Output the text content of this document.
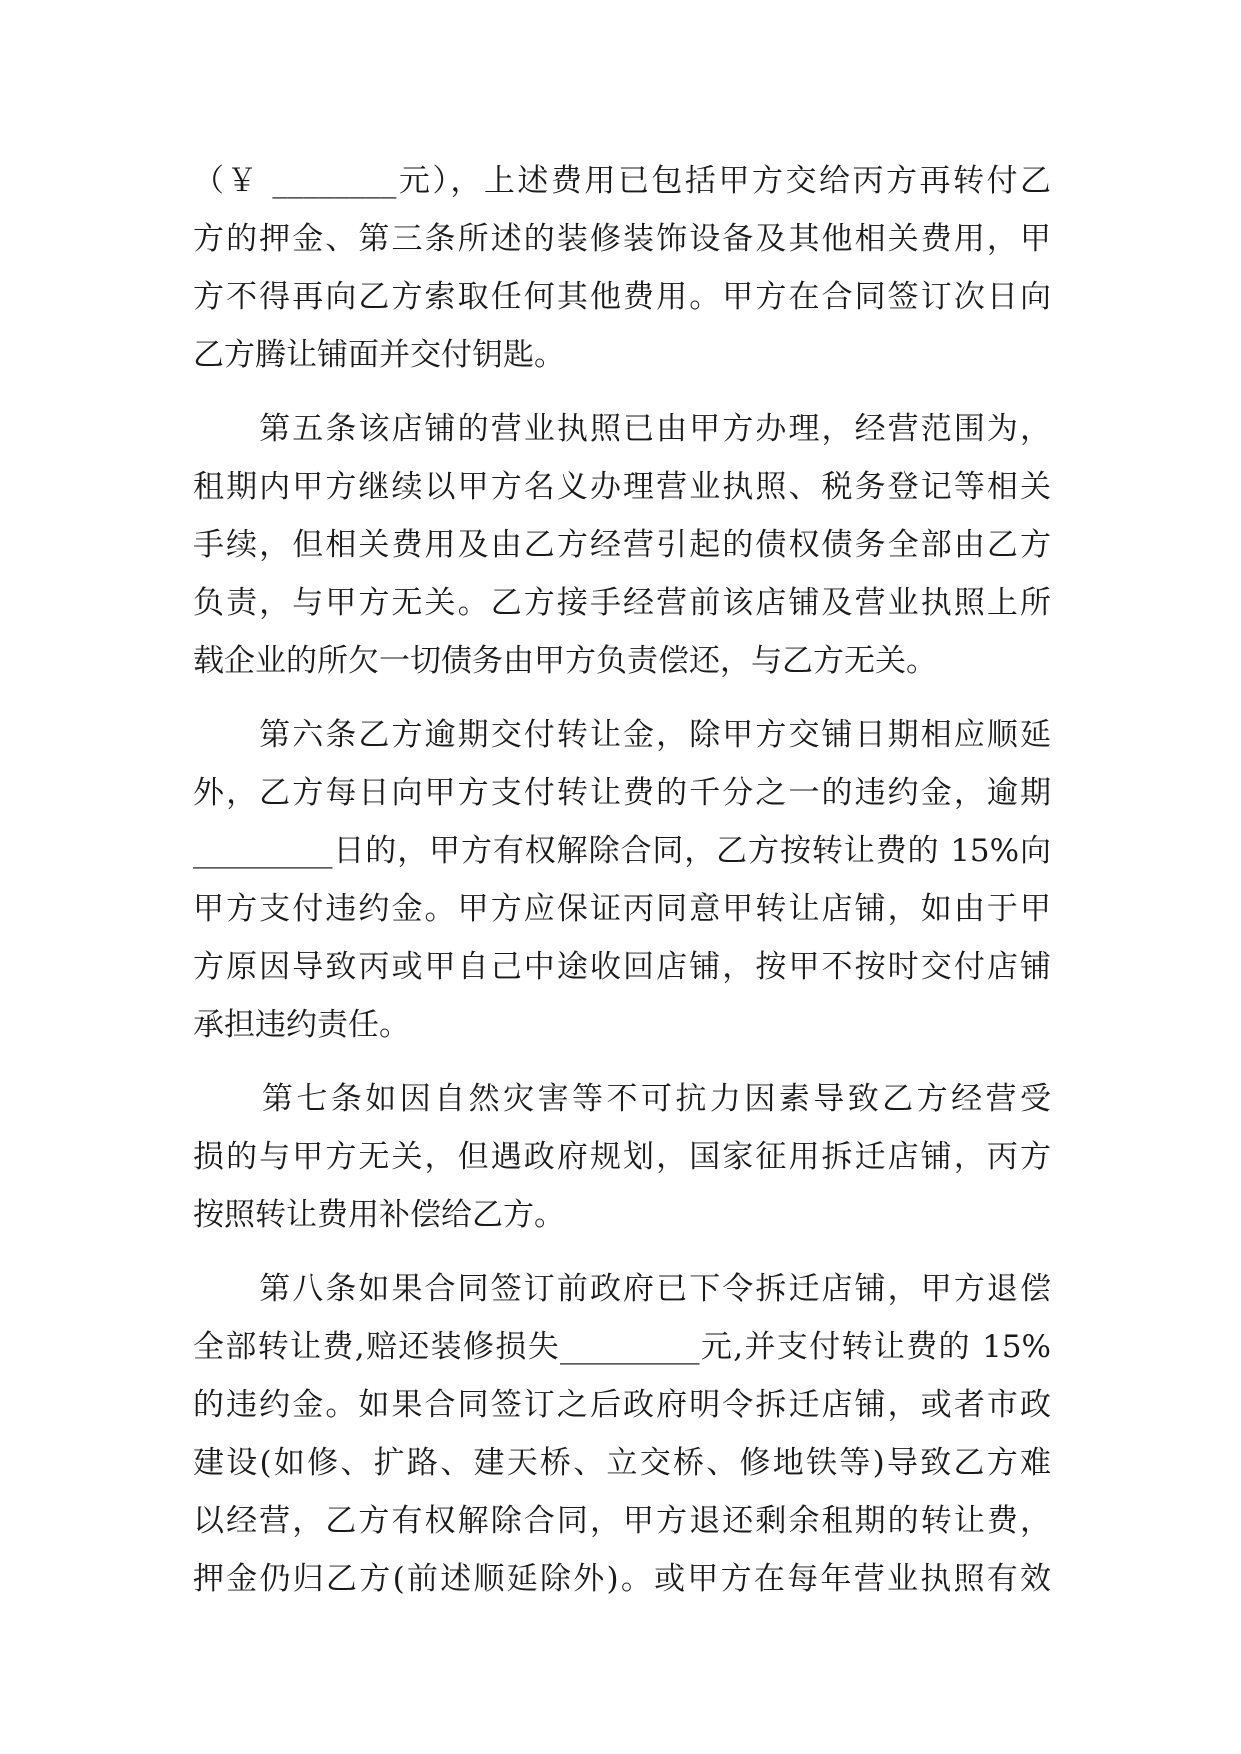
（￥ ________元），上述费用已包括甲方交给丙方再转付乙
方的押金、第三条所述的装修装饰设备及其他相关费用，甲
方不得再向乙方索取任何其他费用。甲方在合同签订次日向
乙方腾让铺面并交付钥匙。
　　第五条该店铺的营业执照已由甲方办理，经营范围为，
租期内甲方继续以甲方名义办理营业执照、税务登记等相关
手续，但相关费用及由乙方经营引起的债权债务全部由乙方
负责，与甲方无关。乙方接手经营前该店铺及营业执照上所
载企业的所欠一切债务由甲方负责偿还，与乙方无关。
　　第六条乙方逾期交付转让金，除甲方交铺日期相应顺延
外，乙方每日向甲方支付转让费的千分之一的违约金，逾期
_________日的，甲方有权解除合同，乙方按转让费的 15%向
甲方支付违约金。甲方应保证丙同意甲转让店铺，如由于甲
方原因导致丙或甲自己中途收回店铺，按甲不按时交付店铺
承担违约责任。
　　第七条如因自然灾害等不可抗力因素导致乙方经营受
损的与甲方无关，但遇政府规划，国家征用拆迁店铺，丙方
按照转让费用补偿给乙方。
　　第八条如果合同签订前政府已下令拆迁店铺，甲方退偿
全部转让费,赔还装修损失_________元,并支付转让费的 15%
的违约金。如果合同签订之后政府明令拆迁店铺，或者市政
建设(如修、扩路、建天桥、立交桥、修地铁等)导致乙方难
以经营，乙方有权解除合同，甲方退还剩余租期的转让费，
押金仍归乙方(前述顺延除外)。或甲方在每年营业执照有效
